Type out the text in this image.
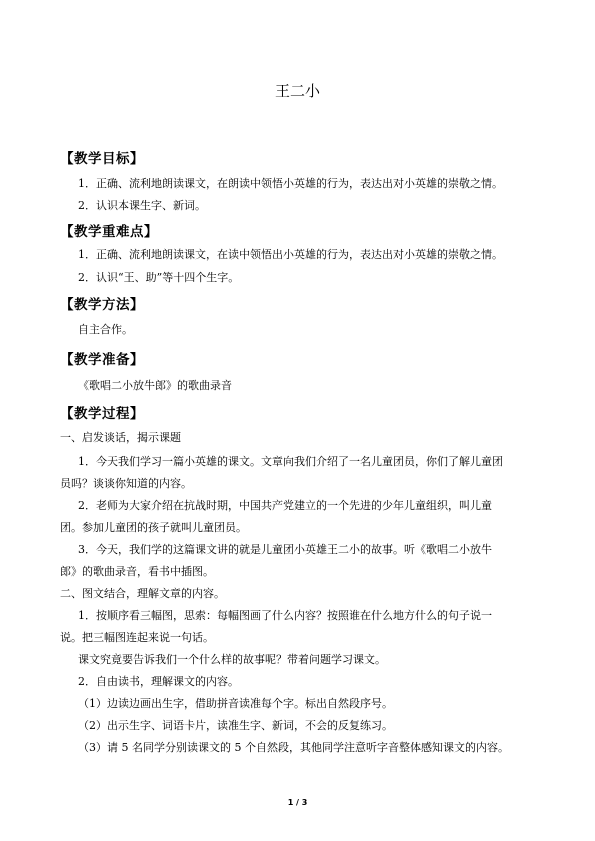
王二小
【教学目标】
1．正确、流利地朗读课文，在朗读中领悟小英雄的行为，表达出对小英雄的崇敬之情。
2．认识本课生字、新词。
【教学重难点】
1．正确、流利地朗读课文，在读中领悟出小英雄的行为，表达出对小英雄的崇敬之情。
2．认识“王、助”等十四个生字。
【教学方法】
自主合作。
【教学准备】
《歌唱二小放牛郎》的歌曲录音
【教学过程】
一、启发谈话，揭示课题
1．今天我们学习一篇小英雄的课文。文章向我们介绍了一名儿童团员，你们了解儿童团
员吗？谈谈你知道的内容。
2．老师为大家介绍在抗战时期，中国共产党建立的一个先进的少年儿童组织，叫儿童
团。参加儿童团的孩子就叫儿童团员。
3．今天，我们学的这篇课文讲的就是儿童团小英雄王二小的故事。听《歌唱二小放牛
郎》的歌曲录音，看书中插图。
二、图文结合，理解文章的内容。
1．按顺序看三幅图，思索：每幅图画了什么内容？按照谁在什么地方什么的句子说一
说。把三幅图连起来说一句话。
课文究竟要告诉我们一个什么样的故事呢？带着问题学习课文。
2．自由读书，理解课文的内容。
（1）边读边画出生字，借助拼音读准每个字。标出自然段序号。
（2）出示生字、词语卡片，读准生字、新词，不会的反复练习。
（3）请 5 名同学分别读课文的 5 个自然段，其他同学注意听字音整体感知课文的内容。
1 / 3
